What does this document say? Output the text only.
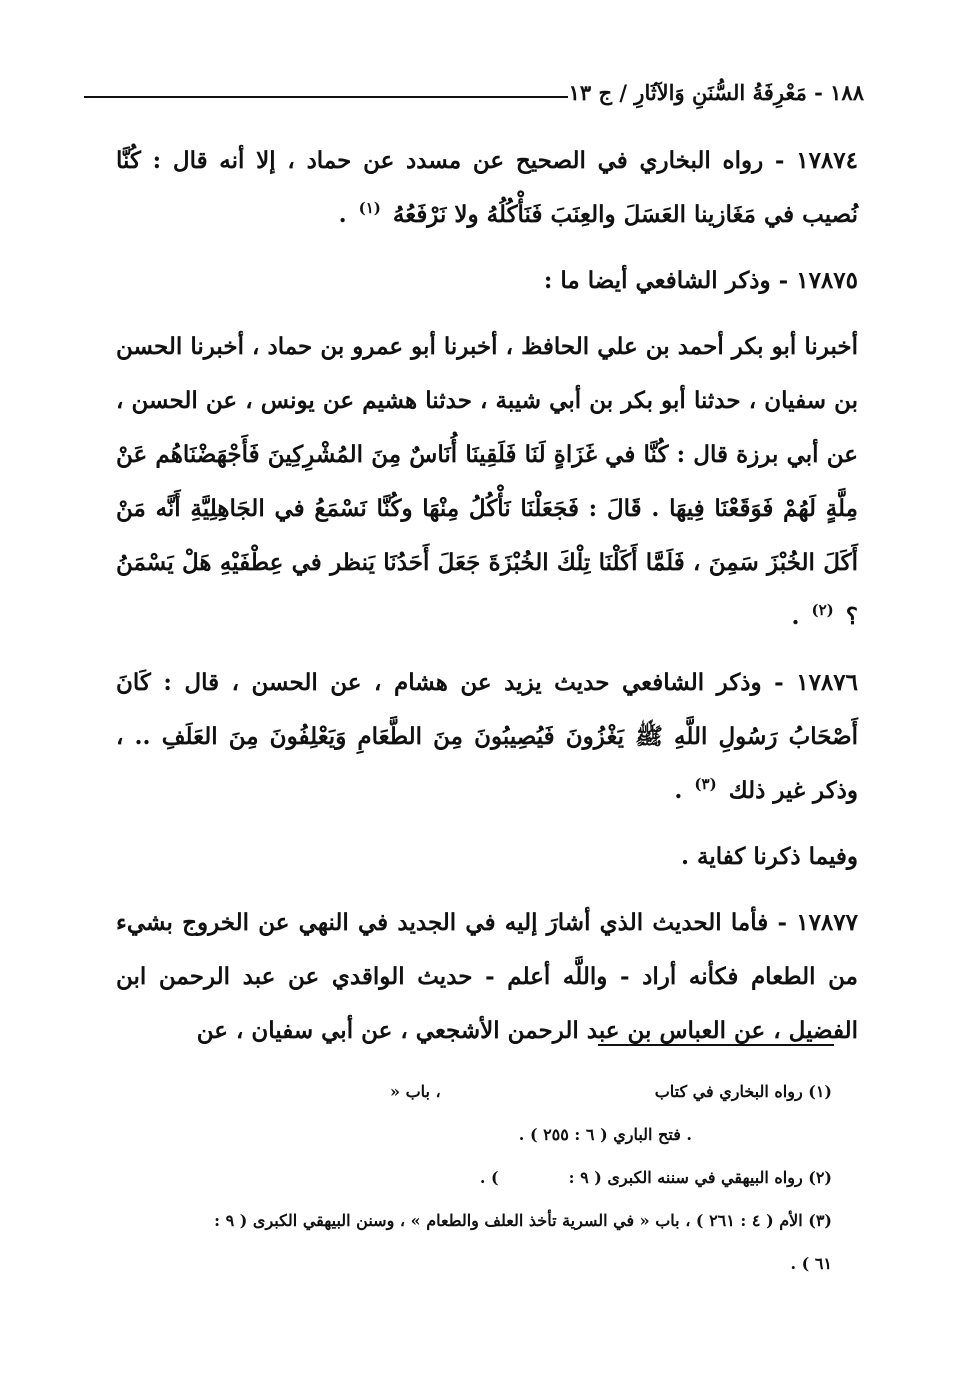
١٨٨ - مَعْرِفَةُ السُّنَنِ وَالآثَارِ / ج ١٣

١٧٨٧٤ - رواه البخاري في الصحيح عن مسدد عن حماد ، إلا أنه قال : كُنَّا نُصيب في مَغَازينا العَسَلَ والعِنَبَ فَنَأْكُلُهُ ولا نَرْفَعُهُ $^{(١)}$ .

١٧٨٧٥ - وذكر الشافعي أيضا ما :

أخبرنا أبو بكر أحمد بن علي الحافظ ، أخبرنا أبو عمرو بن حماد ، أخبرنا الحسن بن سفيان ، حدثنا أبو بكر بن أبي شيبة ، حدثنا هشيم عن يونس ، عن الحسن ، عن أبي برزة قال : كُنَّا في غَزَاةٍ لَنَا فَلَقِينَا أُنَاسٌ مِنَ المُشْرِكِينَ فَأَجْهَضْنَاهُم عَنْ مِلَّةٍ لَهُمْ فَوَقَعْنَا فِيهَا . قَالَ : فَجَعَلْنَا نَأْكُلُ مِنْهَا وكُنَّا نَسْمَعُ في الجَاهِلِيَّةِ أَنَّه مَنْ أَكَلَ الخُبْزَ سَمِنَ ، فَلَمَّا أَكَلْنَا تِلْكَ الخُبْزَةَ جَعَلَ أَحَدُنَا يَنظر في عِطْفَيْهِ هَلْ يَسْمَنُ ؟ $^{(٢)}$ .

١٧٨٧٦ - وذكر الشافعي حديث يزيد عن هشام ، عن الحسن ، قال : كَانَ أَصْحَابُ رَسُولِ اللَّهِ ﷺ يَغْزُونَ فَيُصِيبُونَ مِنَ الطَّعَامِ وَيَعْلِفُونَ مِنَ العَلَفِ .. ، وذكر غير ذلك $^{(٣)}$ .

وفيما ذكرنا كفاية .

١٧٨٧٧ - فأما الحديث الذي أشارَ إليه في الجديد في النهي عن الخروج بشيء من الطعام فكأنه أراد - واللَّه أعلم - حديث الواقدي عن عبد الرحمن ابن الفضيل ، عن العباس بن عبد الرحمن الأشجعي ، عن أبي سفيان ، عن

(١) رواه البخاري في كتاب، باب «

. فتح الباري ( ٦ : ٢٥٥ ) .

(٢) رواه البيهقي في سننه الكبرى ( ٩ :) .

(٣) الأم ( ٤ : ٢٦١ ) ، باب « في السرية تأخذ العلف والطعام » ، وسنن البيهقي الكبرى ( ٩ :

٦١ ) .
